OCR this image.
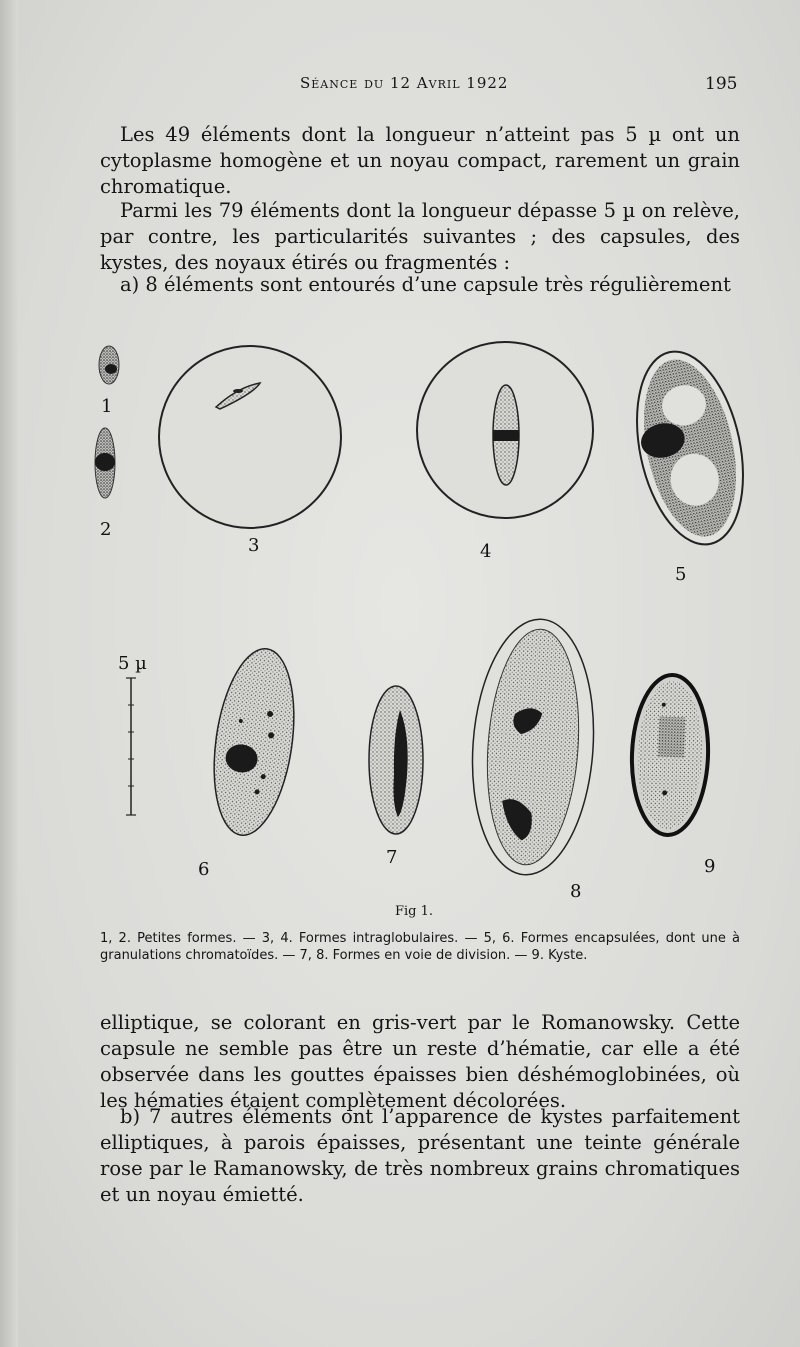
Séance du 12 Avril 1922	195
Les 49 éléments dont la longueur n’atteint pas 5 µ ont un cytoplasme homogène et un noyau compact, rarement un grain chromatique.
Parmi les 79 éléments dont la longueur dépasse 5 µ on relève, par contre, les particularités suivantes ; des capsules, des kystes, des noyaux étirés ou fragmentés :
a) 8 éléments sont entourés d’une capsule très régulièrement
1
2
3	4
5
5 µ
6
7
8
9
Fig 1.
1, 2. Petites formes. — 3, 4. Formes intraglobulaires. — 5, 6. Formes encapsulées, dont une à granulations chromatoïdes. — 7, 8. Formes en voie de division. — 9. Kyste.
elliptique, se colorant en gris-vert par le Romanowsky. Cette capsule ne semble pas être un reste d’hématie, car elle a été observée dans les gouttes épaisses bien déshémoglobinées, où les hématies étaient complètement décolorées.
b) 7 autres éléments ont l’apparence de kystes parfaitement elliptiques, à parois épaisses, présentant une teinte générale rose par le Ramanowsky, de très nombreux grains chromatiques et un noyau émietté.
